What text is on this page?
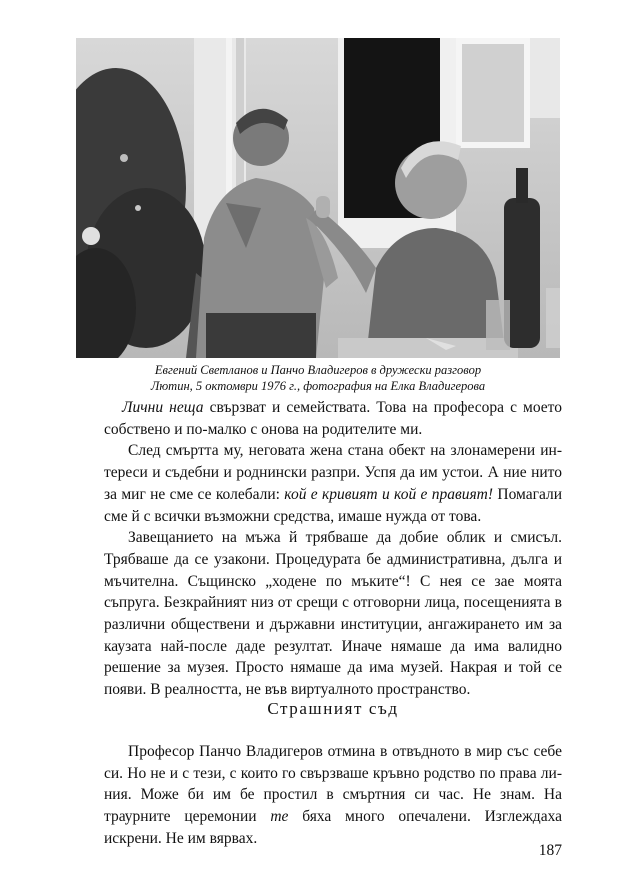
Евгений Светланов и Панчо Владигеров в дружески разговор
Лютин, 5 октомври 1976 г., фотография на Елка Владигерова

Лични неща свързват и семействата. Това на професора с моето собствено и по-малко с онова на родителите ми.

След смъртта му, неговата жена стана обект на злонамерени интереси и съдебни и роднински разпри. Успя да им устои. А ние нито за миг не сме се колебали: кой е кривият и кой е правият! Помагали сме й с всички възможни средства, имаше нужда от това.

Завещанието на мъжа й трябваше да добие облик и смисъл. Трябваше да се узакони. Процедурата бе административна, дълга и мъчителна. Същинско „ходене по мъките“! С нея се зае моята съпруга. Безкрайният низ от срещи с отговорни лица, посещенията в различни обществени и държавни институции, ангажирането им за каузата най-после даде резултат. Иначе нямаше да има валидно решение за музея. Просто нямаше да има музей. Накрая и той се появи. В реалността, не във виртуалното пространство.

Страшният съд

Професор Панчо Владигеров отмина в отвъдното в мир със себе си. Но не и с тези, с които го свързваше кръвно родство по права линия. Може би им бе простил в смъртния си час. Не знам. На траурните церемонии те бяха много опечалени. Изглеждаха искрени. Не им вярвах.

187
